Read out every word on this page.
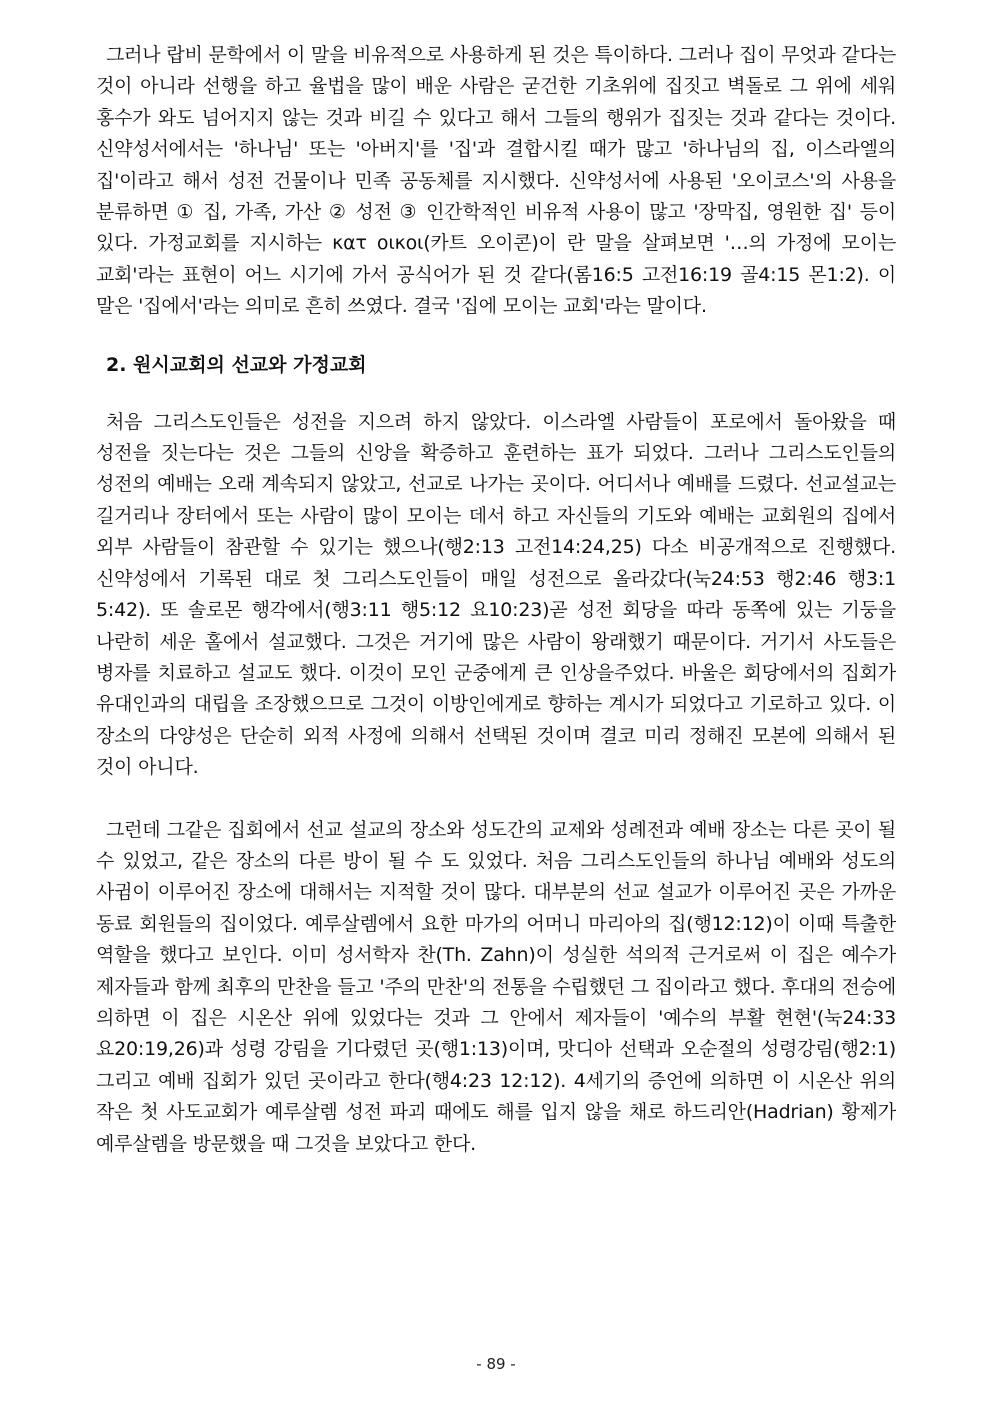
그러나 랍비 문학에서 이 말을 비유적으로 사용하게 된 것은 특이하다. 그러나 집이 무엇과 같다는 것이 아니라 선행을 하고 율법을 많이 배운 사람은 굳건한 기초위에 집짓고 벽돌로 그 위에 세워 홍수가 와도 넘어지지 않는 것과 비길 수 있다고 해서 그들의 행위가 집짓는 것과 같다는 것이다. 신약성서에서는 '하나님' 또는 '아버지'를 '집'과 결합시킬 때가 많고 '하나님의 집, 이스라엘의 집'이라고 해서 성전 건물이나 민족 공동체를 지시했다. 신약성서에 사용된 '오이코스'의 사용을 분류하면 ① 집, 가족, 가산 ② 성전 ③ 인간학적인 비유적 사용이 많고 '장막집, 영원한 집' 등이 있다. 가정교회를 지시하는 κατ οικοι(카트 오이콘)이 란 말을 살펴보면 '…의 가정에 모이는 교회'라는 표현이 어느 시기에 가서 공식어가 된 것 같다(롬16:5 고전16:19 골4:15 몬1:2). 이 말은 '집에서'라는 의미로 흔히 쓰였다. 결국 '집에 모이는 교회'라는 말이다.

2. 원시교회의 선교와 가정교회

처음 그리스도인들은 성전을 지으려 하지 않았다. 이스라엘 사람들이 포로에서 돌아왔을 때 성전을 짓는다는 것은 그들의 신앙을 확증하고 훈련하는 표가 되었다. 그러나 그리스도인들의 성전의 예배는 오래 계속되지 않았고, 선교로 나가는 곳이다. 어디서나 예배를 드렸다. 선교설교는 길거리나 장터에서 또는 사람이 많이 모이는 데서 하고 자신들의 기도와 예배는 교회원의 집에서 외부 사람들이 참관할 수 있기는 했으나(행2:13 고전14:24,25) 다소 비공개적으로 진행했다. 신약성에서 기록된 대로 첫 그리스도인들이 매일 성전으로 올라갔다(눅24:53 행2:46 행3:1 5:42). 또 솔로몬 행각에서(행3:11 행5:12 요10:23)곧 성전 회당을 따라 동쪽에 있는 기둥을 나란히 세운 홀에서 설교했다. 그것은 거기에 많은 사람이 왕래했기 때문이다. 거기서 사도들은 병자를 치료하고 설교도 했다. 이것이 모인 군중에게 큰 인상을주었다. 바울은 회당에서의 집회가 유대인과의 대립을 조장했으므로 그것이 이방인에게로 향하는 계시가 되었다고 기로하고 있다. 이 장소의 다양성은 단순히 외적 사정에 의해서 선택된 것이며 결코 미리 정해진 모본에 의해서 된 것이 아니다.

그런데 그같은 집회에서 선교 설교의 장소와 성도간의 교제와 성례전과 예배 장소는 다른 곳이 될 수 있었고, 같은 장소의 다른 방이 될 수 도 있었다. 처음 그리스도인들의 하나님 예배와 성도의 사귐이 이루어진 장소에 대해서는 지적할 것이 많다. 대부분의 선교 설교가 이루어진 곳은 가까운 동료 회원들의 집이었다. 예루살렘에서 요한 마가의 어머니 마리아의 집(행12:12)이 이때 특출한 역할을 했다고 보인다. 이미 성서학자 찬(Th. Zahn)이 성실한 석의적 근거로써 이 집은 예수가 제자들과 함께 최후의 만찬을 들고 '주의 만찬'의 전통을 수립했던 그 집이라고 했다. 후대의 전승에 의하면 이 집은 시온산 위에 있었다는 것과 그 안에서 제자들이 '예수의 부활 현현'(눅24:33 요20:19,26)과 성령 강림을 기다렸던 곳(행1:13)이며, 맛디아 선택과 오순절의 성령강림(행2:1) 그리고 예배 집회가 있던 곳이라고 한다(행4:23 12:12). 4세기의 증언에 의하면 이 시온산 위의 작은 첫 사도교회가 예루살렘 성전 파괴 때에도 해를 입지 않을 채로 하드리안(Hadrian) 황제가 예루살렘을 방문했을 때 그것을 보았다고 한다.

- 89 -
